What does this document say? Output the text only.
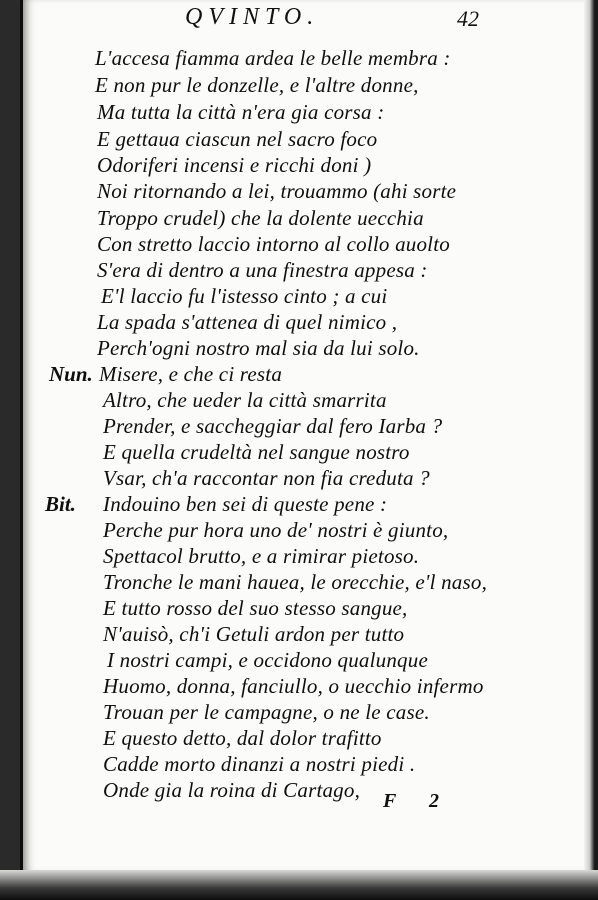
QVINTO.	42
L'accesa fiamma ardea le belle membra :
E non pur le donzelle, e l'altre donne,
Ma tutta la città n'era gia corsa :
E gettaua ciascun nel sacro foco
Odoriferi incensi e ricchi doni )
Noi ritornando a lei, trouammo (ahi sorte
Troppo crudel) che la dolente uecchia
Con stretto laccio intorno al collo auolto
S'era di dentro a una finestra appesa :
E'l laccio fu l'istesso cinto ; a cui
La spada s'attenea di quel nimico ,
Perch'ogni nostro mal sia da lui solo.
Nun. Misere, e che ci resta
Altro, che ueder la città smarrita
Prender, e saccheggiar dal fero Iarba ?
E quella crudeltà nel sangue nostro
Vsar, ch'a raccontar non fia creduta ?
Bit. Indouino ben sei di queste pene :
Perche pur hora uno de' nostri è giunto,
Spettacol brutto, e a rimirar pietoso.
Tronche le mani hauea, le orecchie, e'l naso,
E tutto rosso del suo stesso sangue,
N'auisò, ch'i Getuli ardon per tutto
I nostri campi, e occidono qualunque
Huomo, donna, fanciullo, o uecchio infermo
Trouan per le campagne, o ne le case.
E questo detto, dal dolor trafitto
Cadde morto dinanzi a nostri piedi .
Onde gia la roina di Cartago, F 2
